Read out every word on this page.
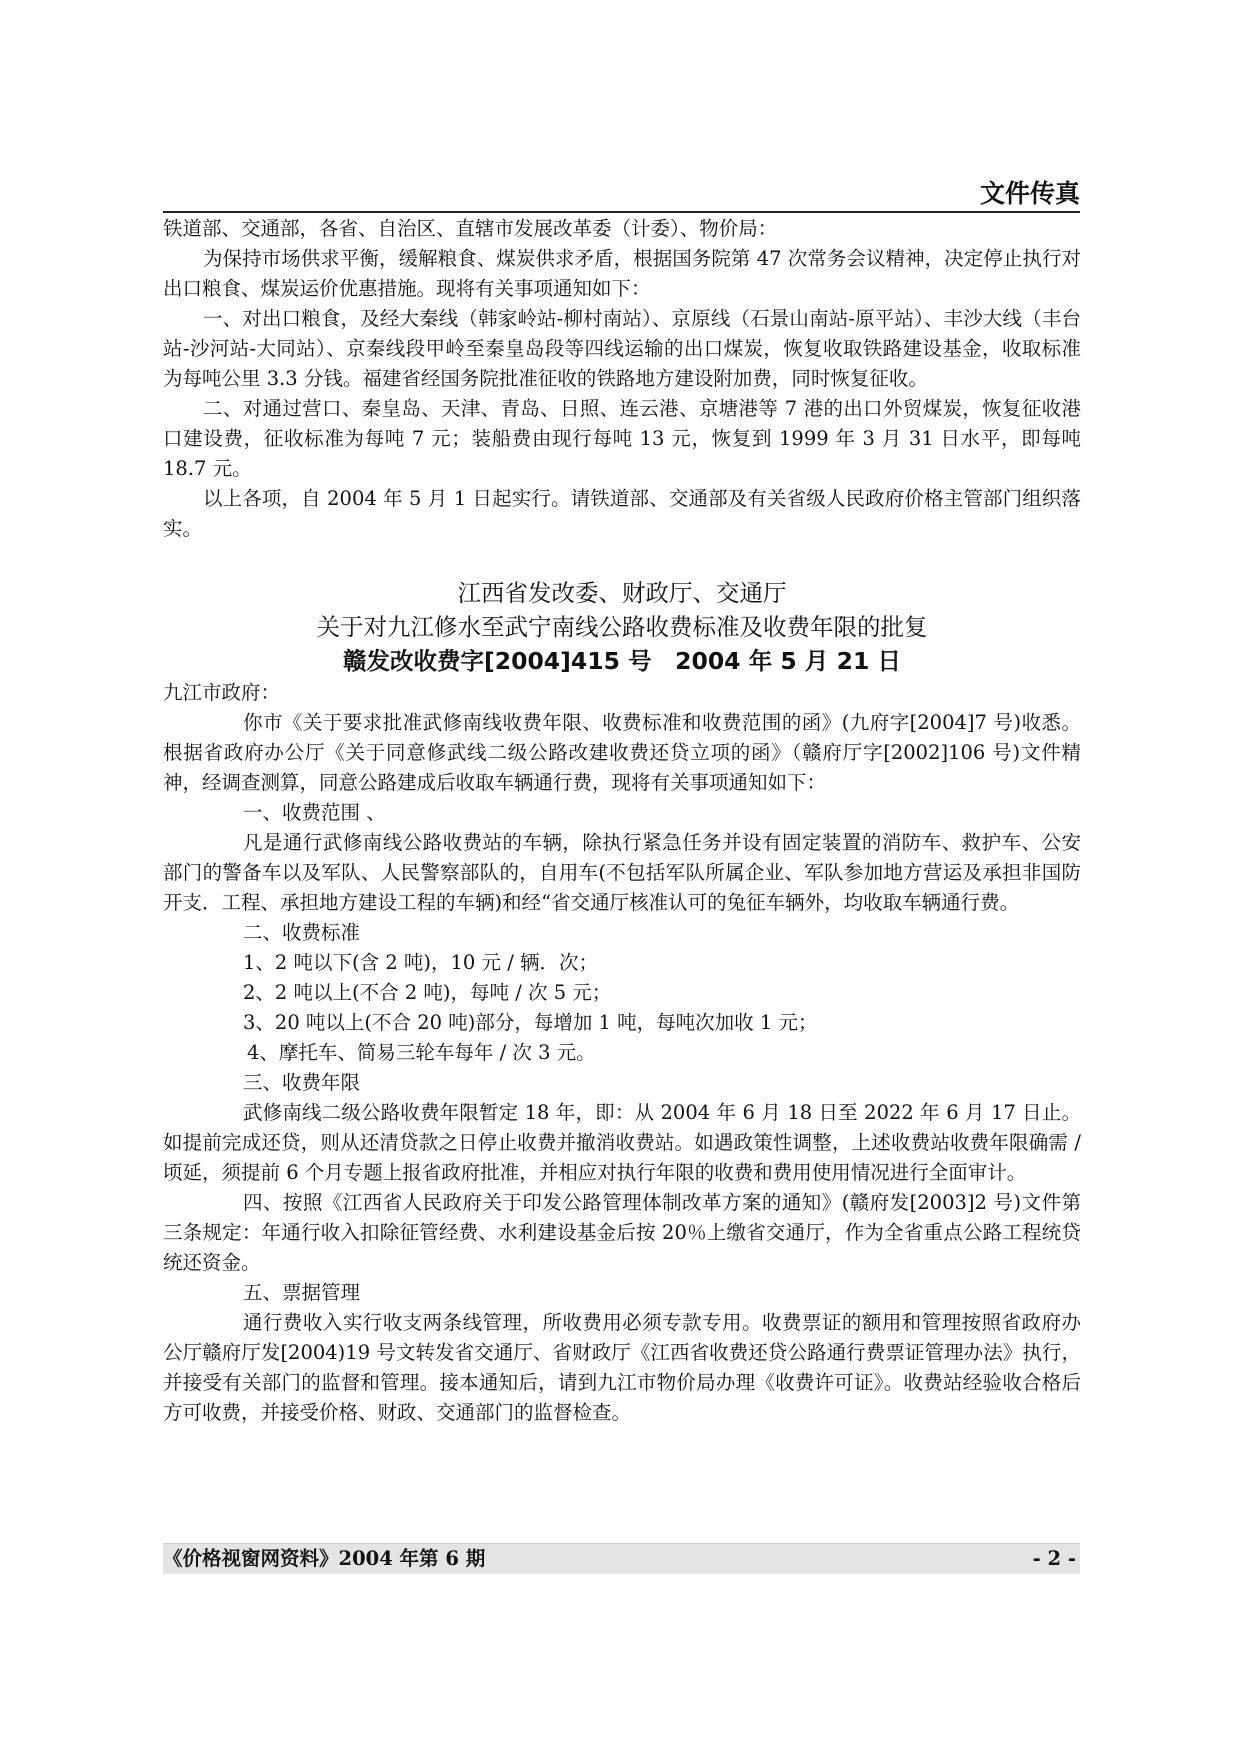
文件传真

铁道部、交通部，各省、自治区、直辖市发展改革委（计委）、物价局：

为保持市场供求平衡，缓解粮食、煤炭供求矛盾，根据国务院第 47 次常务会议精神，决定停止执行对出口粮食、煤炭运价优惠措施。现将有关事项通知如下：

一、对出口粮食，及经大秦线（韩家岭站-柳村南站）、京原线（石景山南站-原平站）、丰沙大线（丰台站-沙河站-大同站）、京秦线段甲岭至秦皇岛段等四线运输的出口煤炭，恢复收取铁路建设基金，收取标准为每吨公里 3.3 分钱。福建省经国务院批准征收的铁路地方建设附加费，同时恢复征收。

二、对通过营口、秦皇岛、天津、青岛、日照、连云港、京塘港等 7 港的出口外贸煤炭，恢复征收港口建设费，征收标准为每吨 7 元；装船费由现行每吨 13 元，恢复到 1999 年 3 月 31 日水平，即每吨 18.7 元。

以上各项，自 2004 年 5 月 1 日起实行。请铁道部、交通部及有关省级人民政府价格主管部门组织落实。

江西省发改委、财政厅、交通厅
关于对九江修水至武宁南线公路收费标准及收费年限的批复
赣发改收费字[2004]415 号　2004 年 5 月 21 日

九江市政府：

你市《关于要求批准武修南线收费年限、收费标准和收费范围的函》(九府字[2004]7 号)收悉。根据省政府办公厅《关于同意修武线二级公路改建收费还贷立项的函》（赣府厅字[2002]106 号)文件精神，经调查测算，同意公路建成后收取车辆通行费，现将有关事项通知如下：

一、收费范围 、

凡是通行武修南线公路收费站的车辆，除执行紧急任务并设有固定装置的消防车、救护车、公安部门的警备车以及军队、人民警察部队的，自用车(不包括军队所属企业、军队参加地方营运及承担非国防开支．工程、承担地方建设工程的车辆)和经“省交通厅核准认可的兔征车辆外，均收取车辆通行费。

二、收费标准

1、2 吨以下(含 2 吨)，10 元 / 辆．次；

2、2 吨以上(不合 2 吨)，每吨 / 次 5 元；

3、20 吨以上(不合 20 吨)部分，每增加 1 吨，每吨次加收 1 元；

4、摩托车、简易三轮车每年 / 次 3 元。

三、收费年限

武修南线二级公路收费年限暂定 18 年，即：从 2004 年 6 月 18 日至 2022 年 6 月 17 日止。如提前完成还贷，则从还清贷款之日停止收费并撤消收费站。如遇政策性调整，上述收费站收费年限确需 / 顷延，须提前 6 个月专题上报省政府批准，并相应对执行年限的收费和费用使用情况进行全面审计。

四、按照《江西省人民政府关于印发公路管理体制改革方案的通知》(赣府发[2003]2 号)文件第三条规定：年通行收入扣除征管经费、水利建设基金后按 20％上缴省交通厅，作为全省重点公路工程统贷统还资金。

五、票据管理

通行费收入实行收支两条线管理，所收费用必须专款专用。收费票证的额用和管理按照省政府办公厅赣府厅发[2004)19 号文转发省交通厅、省财政厅《江西省收费还贷公路通行费票证管理办法》执行，并接受有关部门的监督和管理。接本通知后，请到九江市物价局办理《收费许可证》。收费站经验收合格后方可收费，并接受价格、财政、交通部门的监督检查。

《价格视窗网资料》2004 年第 6 期	- 2 -
